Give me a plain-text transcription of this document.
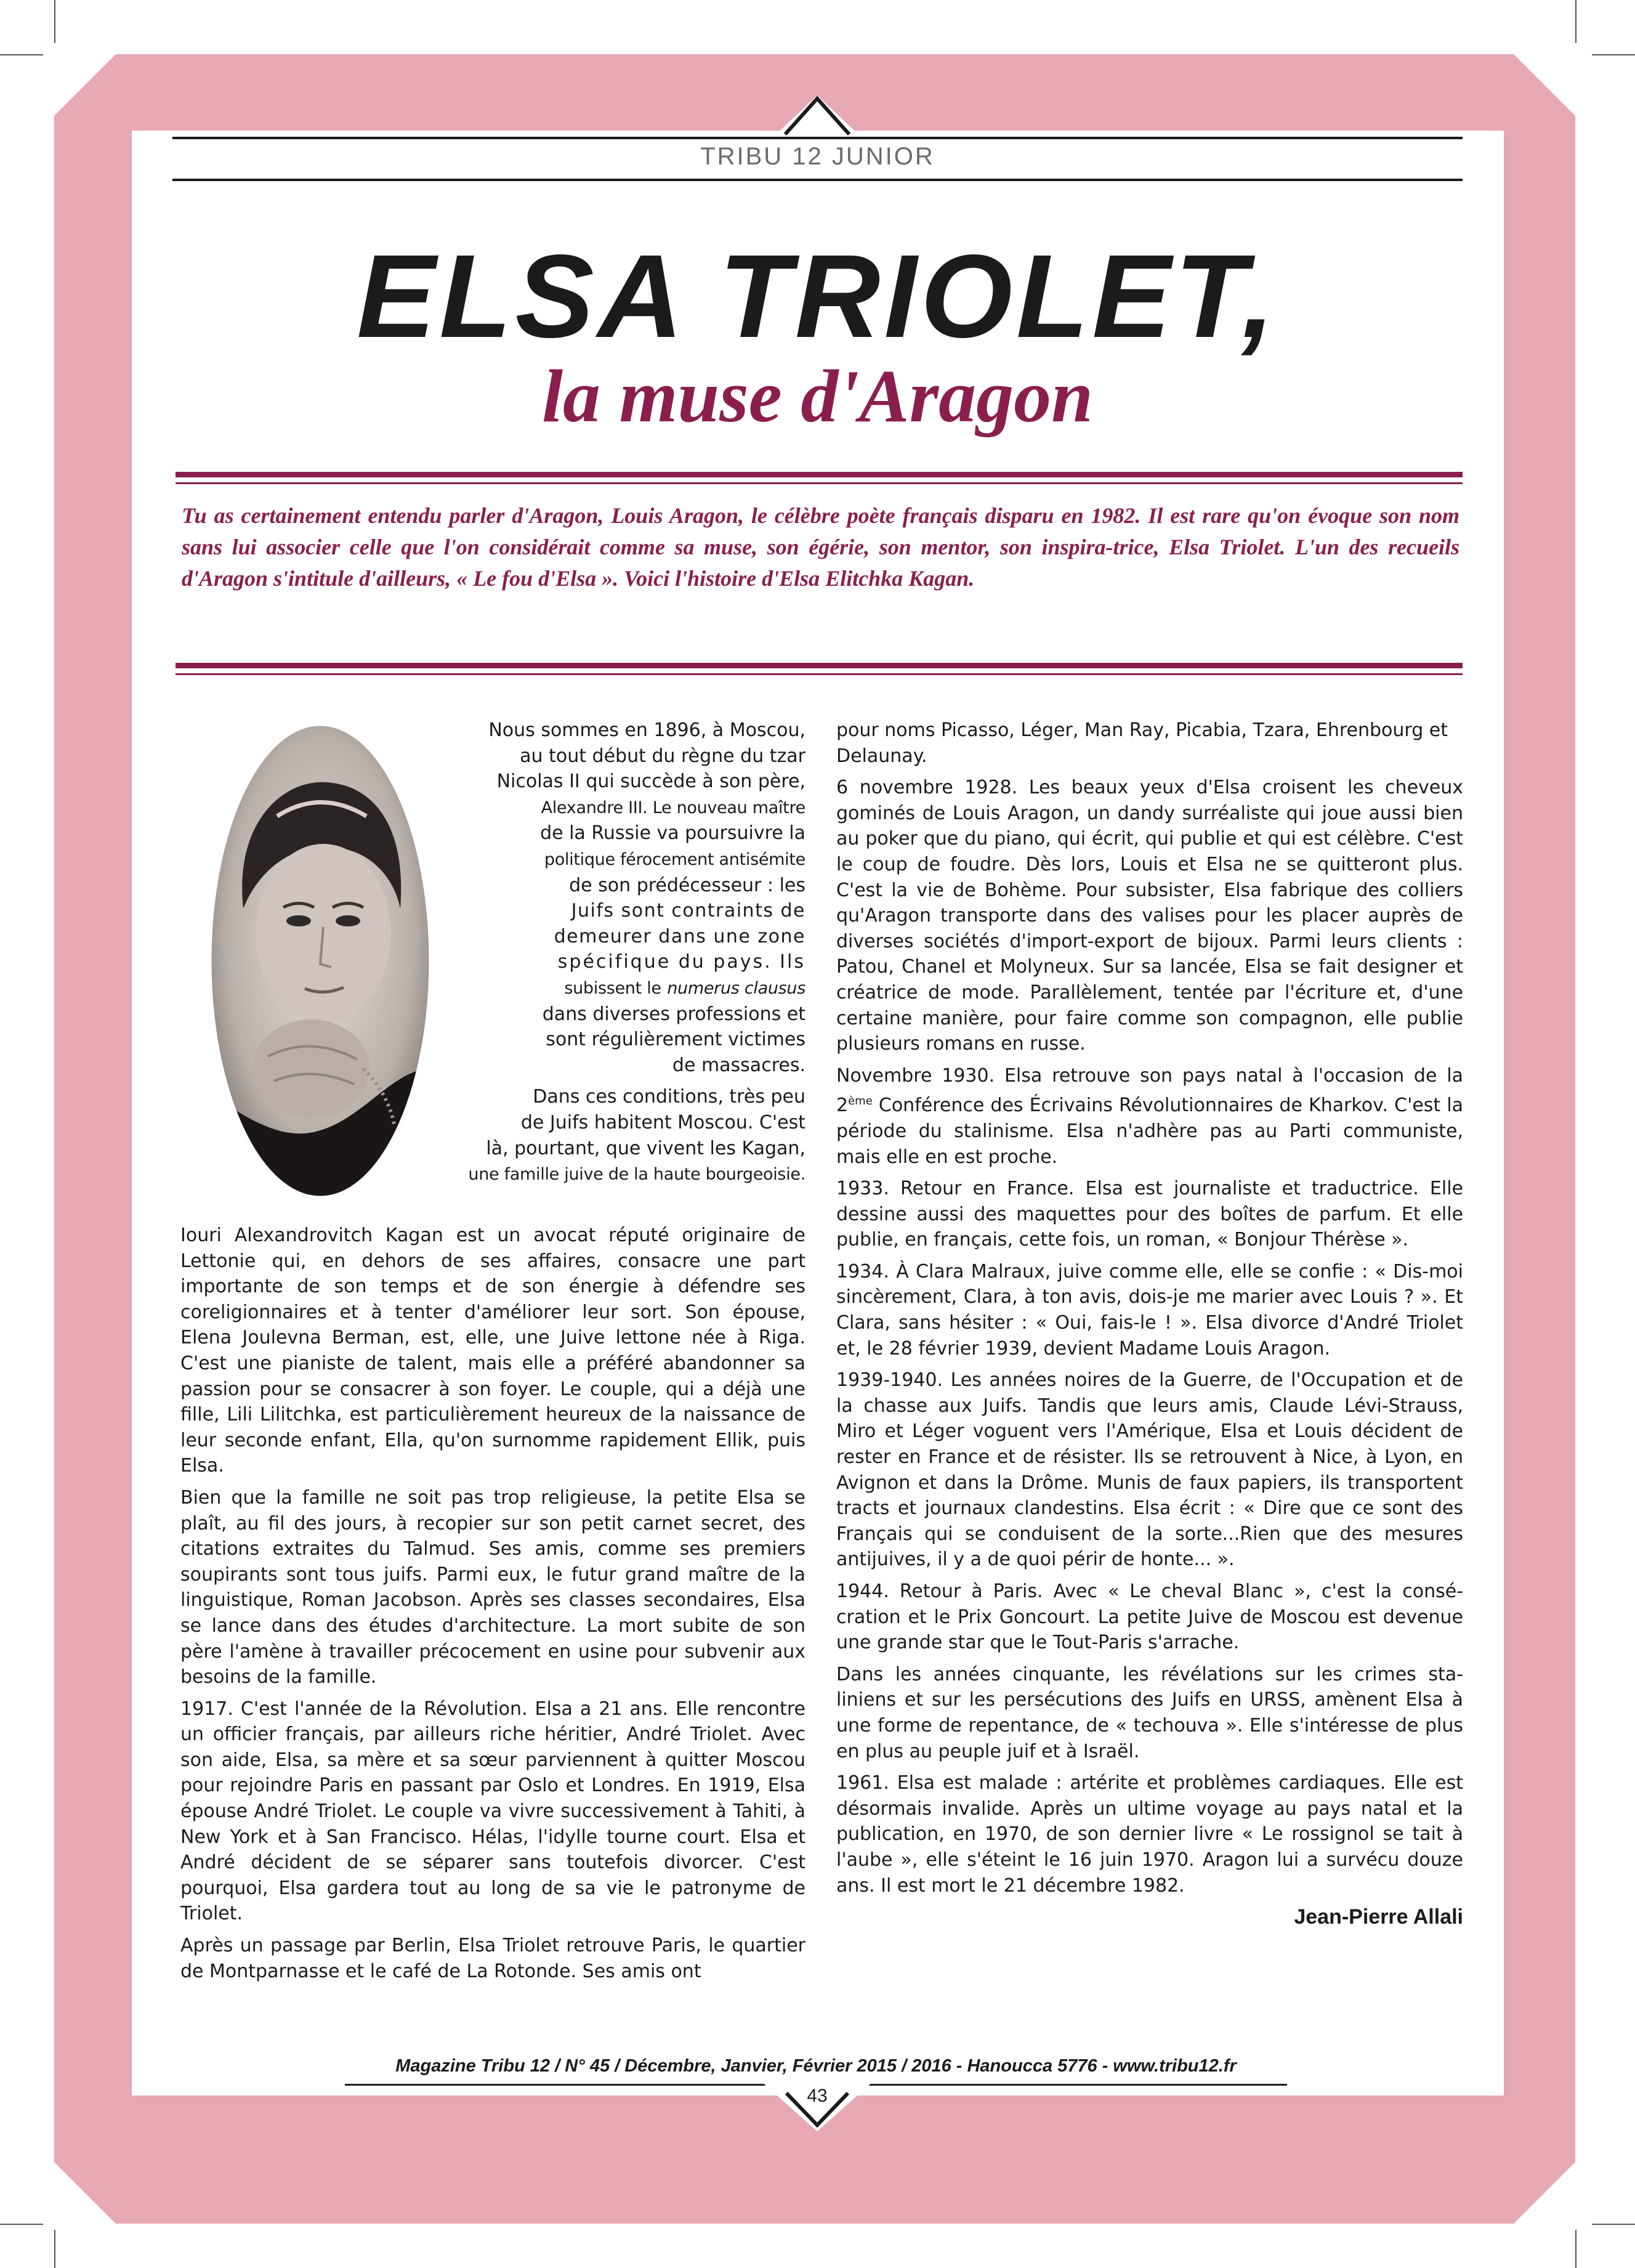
TRIBU 12 JUNIOR
ELSA TRIOLET,
la muse d'Aragon

Tu as certainement entendu parler d'Aragon, Louis Aragon, le célèbre poète français disparu en 1982. Il est rare qu'on évoque son nom sans lui associer celle que l'on considérait comme sa muse, son égérie, son mentor, son inspira-trice, Elsa Triolet. L'un des recueils d'Aragon s'intitule d'ailleurs, « Le fou d'Elsa ». Voici l'histoire d'Elsa Elitchka Kagan.

Nous sommes en 1896, à Moscou,
au tout début du règne du tzar
Nicolas II qui succède à son père,
Alexandre III. Le nouveau maître
de la Russie va poursuivre la
politique férocement antisémite
de son prédécesseur : les
Juifs sont contraints de
demeurer dans une zone
spécifique du pays. Ils
subissent le numerus clausus
dans diverses professions et
sont régulièrement victimes
de massacres.

Dans ces conditions, très peu
de Juifs habitent Moscou. C'est
là, pourtant, que vivent les Kagan,
une famille juive de la haute bourgeoisie.

Iouri Alexandrovitch Kagan est un avocat réputé originaire de Lettonie qui, en dehors de ses affaires, consacre une part importante de son temps et de son énergie à défendre ses coreligionnaires et à tenter d'améliorer leur sort. Son épouse, Elena Joulevna Berman, est, elle, une Juive lettone née à Riga. C'est une pianiste de talent, mais elle a préféré abandonner sa passion pour se consacrer à son foyer. Le couple, qui a déjà une fille, Lili Lilitchka, est particulièrement heureux de la naissance de leur seconde enfant, Ella, qu'on surnomme rapidement Ellik, puis Elsa.

Bien que la famille ne soit pas trop religieuse, la petite Elsa se plaît, au fil des jours, à recopier sur son petit carnet secret, des citations extraites du Talmud. Ses amis, comme ses premiers soupirants sont tous juifs. Parmi eux, le futur grand maître de la linguistique, Roman Jacobson. Après ses classes secondaires, Elsa se lance dans des études d'architecture. La mort subite de son père l'amène à travailler précocement en usine pour subvenir aux besoins de la famille.

1917. C'est l'année de la Révolution. Elsa a 21 ans. Elle rencontre un officier français, par ailleurs riche héritier, André Triolet. Avec son aide, Elsa, sa mère et sa sœur parviennent à quitter Moscou pour rejoindre Paris en passant par Oslo et Londres. En 1919, Elsa épouse André Triolet. Le couple va vivre successivement à Tahiti, à New York et à San Francisco. Hélas, l'idylle tourne court. Elsa et André décident de se séparer sans toutefois divorcer. C'est pourquoi, Elsa gardera tout au long de sa vie le patronyme de Triolet.

Après un passage par Berlin, Elsa Triolet retrouve Paris, le quartier de Montparnasse et le café de La Rotonde. Ses amis ont

pour noms Picasso, Léger, Man Ray, Picabia, Tzara, Ehrenbourg et Delaunay.

6 novembre 1928. Les beaux yeux d'Elsa croisent les cheveux gominés de Louis Aragon, un dandy surréaliste qui joue aussi bien au poker que du piano, qui écrit, qui publie et qui est célèbre. C'est le coup de foudre. Dès lors, Louis et Elsa ne se quitteront plus. C'est la vie de Bohème. Pour subsister, Elsa fabrique des colliers qu'Aragon transporte dans des valises pour les placer auprès de diverses sociétés d'import-export de bijoux. Parmi leurs clients : Patou, Chanel et Molyneux. Sur sa lancée, Elsa se fait designer et créatrice de mode. Parallèlement, tentée par l'écriture et, d'une certaine manière, pour faire comme son compagnon, elle publie plusieurs romans en russe.

Novembre 1930. Elsa retrouve son pays natal à l'occasion de la 2ème Conférence des Écrivains Révolutionnaires de Kharkov. C'est la période du stalinisme. Elsa n'adhère pas au Parti communiste, mais elle en est proche.

1933. Retour en France. Elsa est journaliste et traductrice. Elle dessine aussi des maquettes pour des boîtes de parfum. Et elle publie, en français, cette fois, un roman, « Bonjour Thérèse ».

1934. À Clara Malraux, juive comme elle, elle se confie : « Dis-moi sincèrement, Clara, à ton avis, dois-je me marier avec Louis ? ». Et Clara, sans hésiter : « Oui, fais-le ! ». Elsa divorce d'André Triolet et, le 28 février 1939, devient Madame Louis Aragon.

1939-1940. Les années noires de la Guerre, de l'Occupation et de la chasse aux Juifs. Tandis que leurs amis, Claude Lévi-Strauss, Miro et Léger voguent vers l'Amérique, Elsa et Louis décident de rester en France et de résister. Ils se retrouvent à Nice, à Lyon, en Avignon et dans la Drôme. Munis de faux papiers, ils transportent tracts et journaux clandestins. Elsa écrit : « Dire que ce sont des Français qui se conduisent de la sorte...Rien que des mesures antijuives, il y a de quoi périr de honte... ».

1944. Retour à Paris. Avec « Le cheval Blanc », c'est la consé-cration et le Prix Goncourt. La petite Juive de Moscou est devenue une grande star que le Tout-Paris s'arrache.

Dans les années cinquante, les révélations sur les crimes sta-liniens et sur les persécutions des Juifs en URSS, amènent Elsa à une forme de repentance, de « techouva ». Elle s'intéresse de plus en plus au peuple juif et à Israël.

1961. Elsa est malade : artérite et problèmes cardiaques. Elle est désormais invalide. Après un ultime voyage au pays natal et la publication, en 1970, de son dernier livre « Le rossignol se tait à l'aube », elle s'éteint le 16 juin 1970. Aragon lui a survécu douze ans. Il est mort le 21 décembre 1982.

Jean-Pierre Allali
Magazine Tribu 12 / N° 45 / Décembre, Janvier, Février 2015 / 2016 - Hanoucca 5776 - www.tribu12.fr
43
